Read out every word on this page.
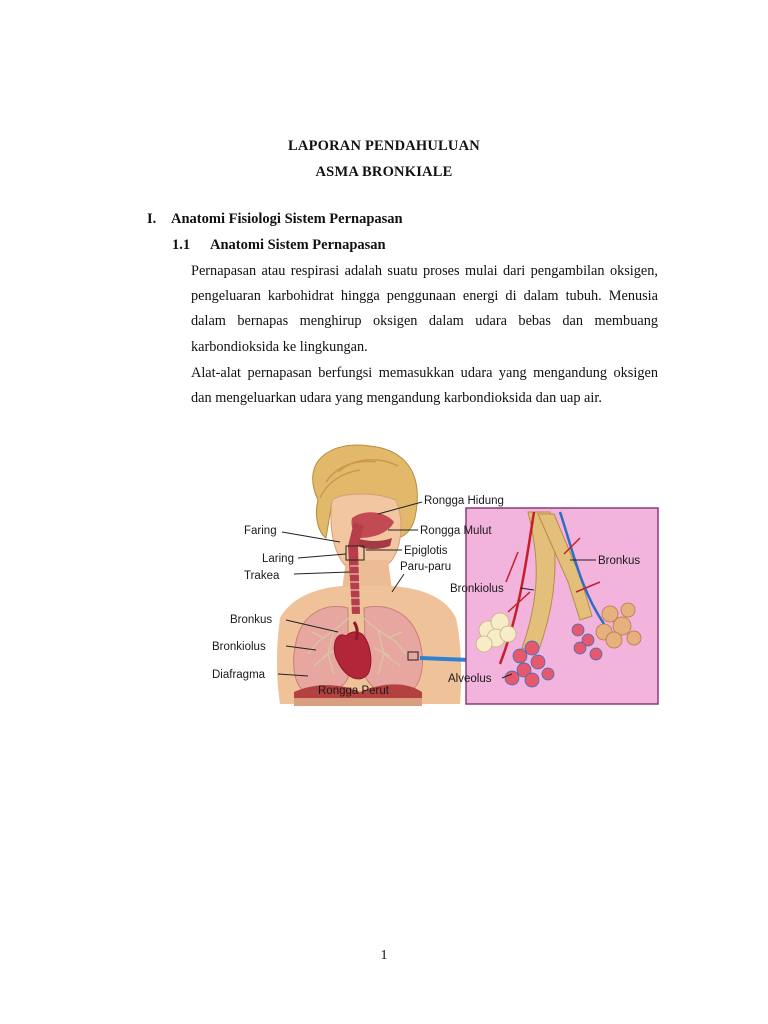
LAPORAN PENDAHULUAN
ASMA BRONKIALE
I. Anatomi Fisiologi Sistem Pernapasan
1.1 Anatomi Sistem Pernapasan
Pernapasan atau respirasi adalah suatu proses mulai dari pengambilan oksigen, pengeluaran karbohidrat hingga penggunaan energi di dalam tubuh. Menusia dalam bernapas menghirup oksigen dalam udara bebas dan membuang karbondioksida ke lingkungan.
Alat-alat pernapasan berfungsi memasukkan udara yang mengandung oksigen dan mengeluarkan udara yang mengandung karbondioksida dan uap air.
Rongga Hidung
Faring	Rongga Mulut
Laring
Epiglotis
Trakea
Paru-paru
Bronkus
Bronkiolus
Diafragma
Rongga Perut
Bronkus
Bronkiolus
Alveolus
1
